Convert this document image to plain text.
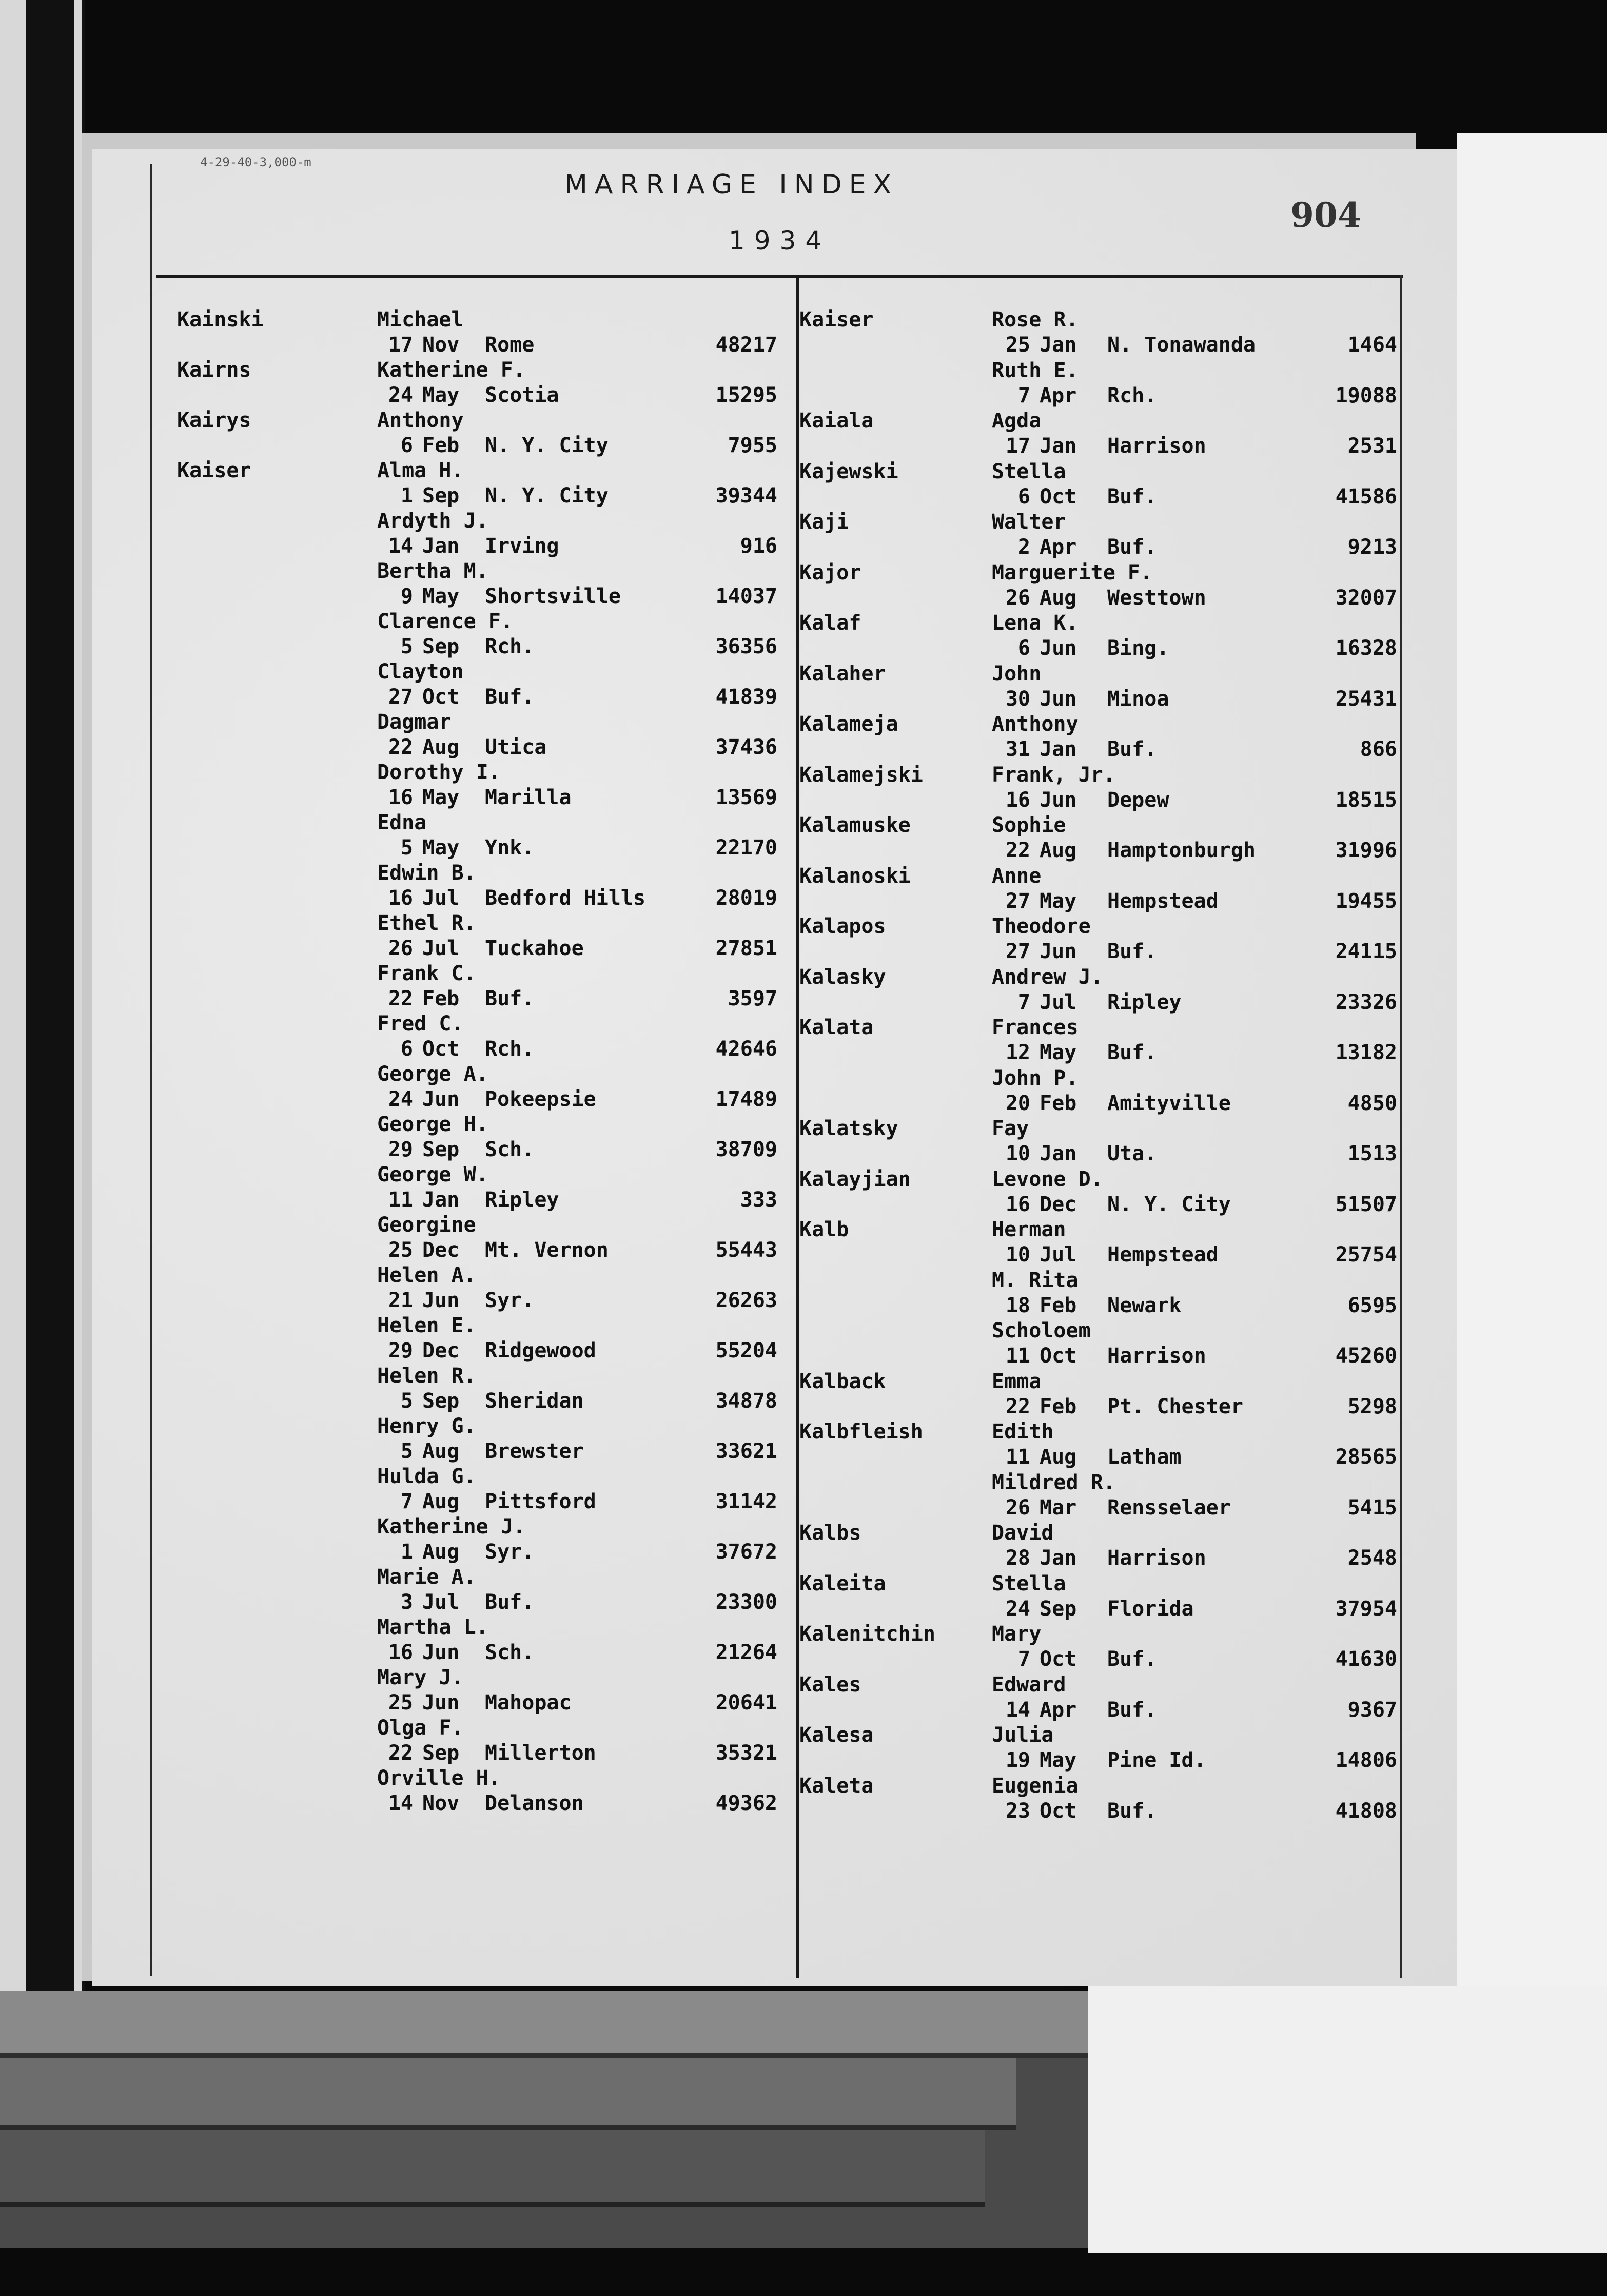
4-29-40-3,000-m
MARRIAGE INDEX
1934
904
Kainski	Michael
17 Nov Rome	48217
Kairns	Katherine F.
24 May Scotia	15295
Kairys	Anthony
6 Feb N. Y. City	7955
Kaiser	Alma H.
1 Sep N. Y. City	39344
Ardyth J.
14 Jan Irving	916
Bertha M.
9 May Shortsville	14037
Clarence F.
5 Sep Rch.	36356
Clayton
27 Oct Buf.	41839
Dagmar
22 Aug Utica	37436
Dorothy I.
16 May Marilla	13569
Edna
5 May Ynk.	22170
Edwin B.
16 Jul Bedford Hills	28019
Ethel R.
26 Jul Tuckahoe	27851
Frank C.
22 Feb Buf.	3597
Fred C.
6 Oct Rch.	42646
George A.
24 Jun Pokeepsie	17489
George H.
29 Sep Sch.	38709
George W.
11 Jan Ripley	333
Georgine
25 Dec Mt. Vernon	55443
Helen A.
21 Jun Syr.	26263
Helen E.
29 Dec Ridgewood	55204
Helen R.
5 Sep Sheridan	34878
Henry G.
5 Aug Brewster	33621
Hulda G.
7 Aug Pittsford	31142
Katherine J.
1 Aug Syr.	37672
Marie A.
3 Jul Buf.	23300
Martha L.
16 Jun Sch.	21264
Mary J.
25 Jun Mahopac	20641
Olga F.
22 Sep Millerton	35321
Orville H.
14 Nov Delanson	49362
Kaiser	Rose R.
25 Jan N. Tonawanda	1464
Ruth E.
7 Apr Rch.	19088
Kaiala	Agda
17 Jan Harrison	2531
Kajewski	Stella
6 Oct Buf.	41586
Kaji	Walter
2 Apr Buf.	9213
Kajor	Marguerite F.
26 Aug Westtown	32007
Kalaf	Lena K.
6 Jun Bing.	16328
Kalaher	John
30 Jun Minoa	25431
Kalameja	Anthony
31 Jan Buf.	866
Kalamejski	Frank, Jr.
16 Jun Depew	18515
Kalamuske	Sophie
22 Aug Hamptonburgh	31996
Kalanoski	Anne
27 May Hempstead	19455
Kalapos	Theodore
27 Jun Buf.	24115
Kalasky	Andrew J.
7 Jul Ripley	23326
Kalata	Frances
12 May Buf.	13182
John P.
20 Feb Amityville	4850
Kalatsky	Fay
10 Jan Uta.	1513
Kalayjian	Levone D.
16 Dec N. Y. City	51507
Kalb	Herman
10 Jul Hempstead	25754
M. Rita
18 Feb Newark	6595
Scholoem
11 Oct Harrison	45260
Kalback	Emma
22 Feb Pt. Chester	5298
Kalbfleish	Edith
11 Aug Latham	28565
Mildred R.
26 Mar Rensselaer	5415
Kalbs	David
28 Jan Harrison	2548
Kaleita	Stella
24 Sep Florida	37954
Kalenitchin	Mary
7 Oct Buf.	41630
Kales	Edward
14 Apr Buf.	9367
Kalesa	Julia
19 May Pine Id.	14806
Kaleta	Eugenia
23 Oct Buf.	41808
